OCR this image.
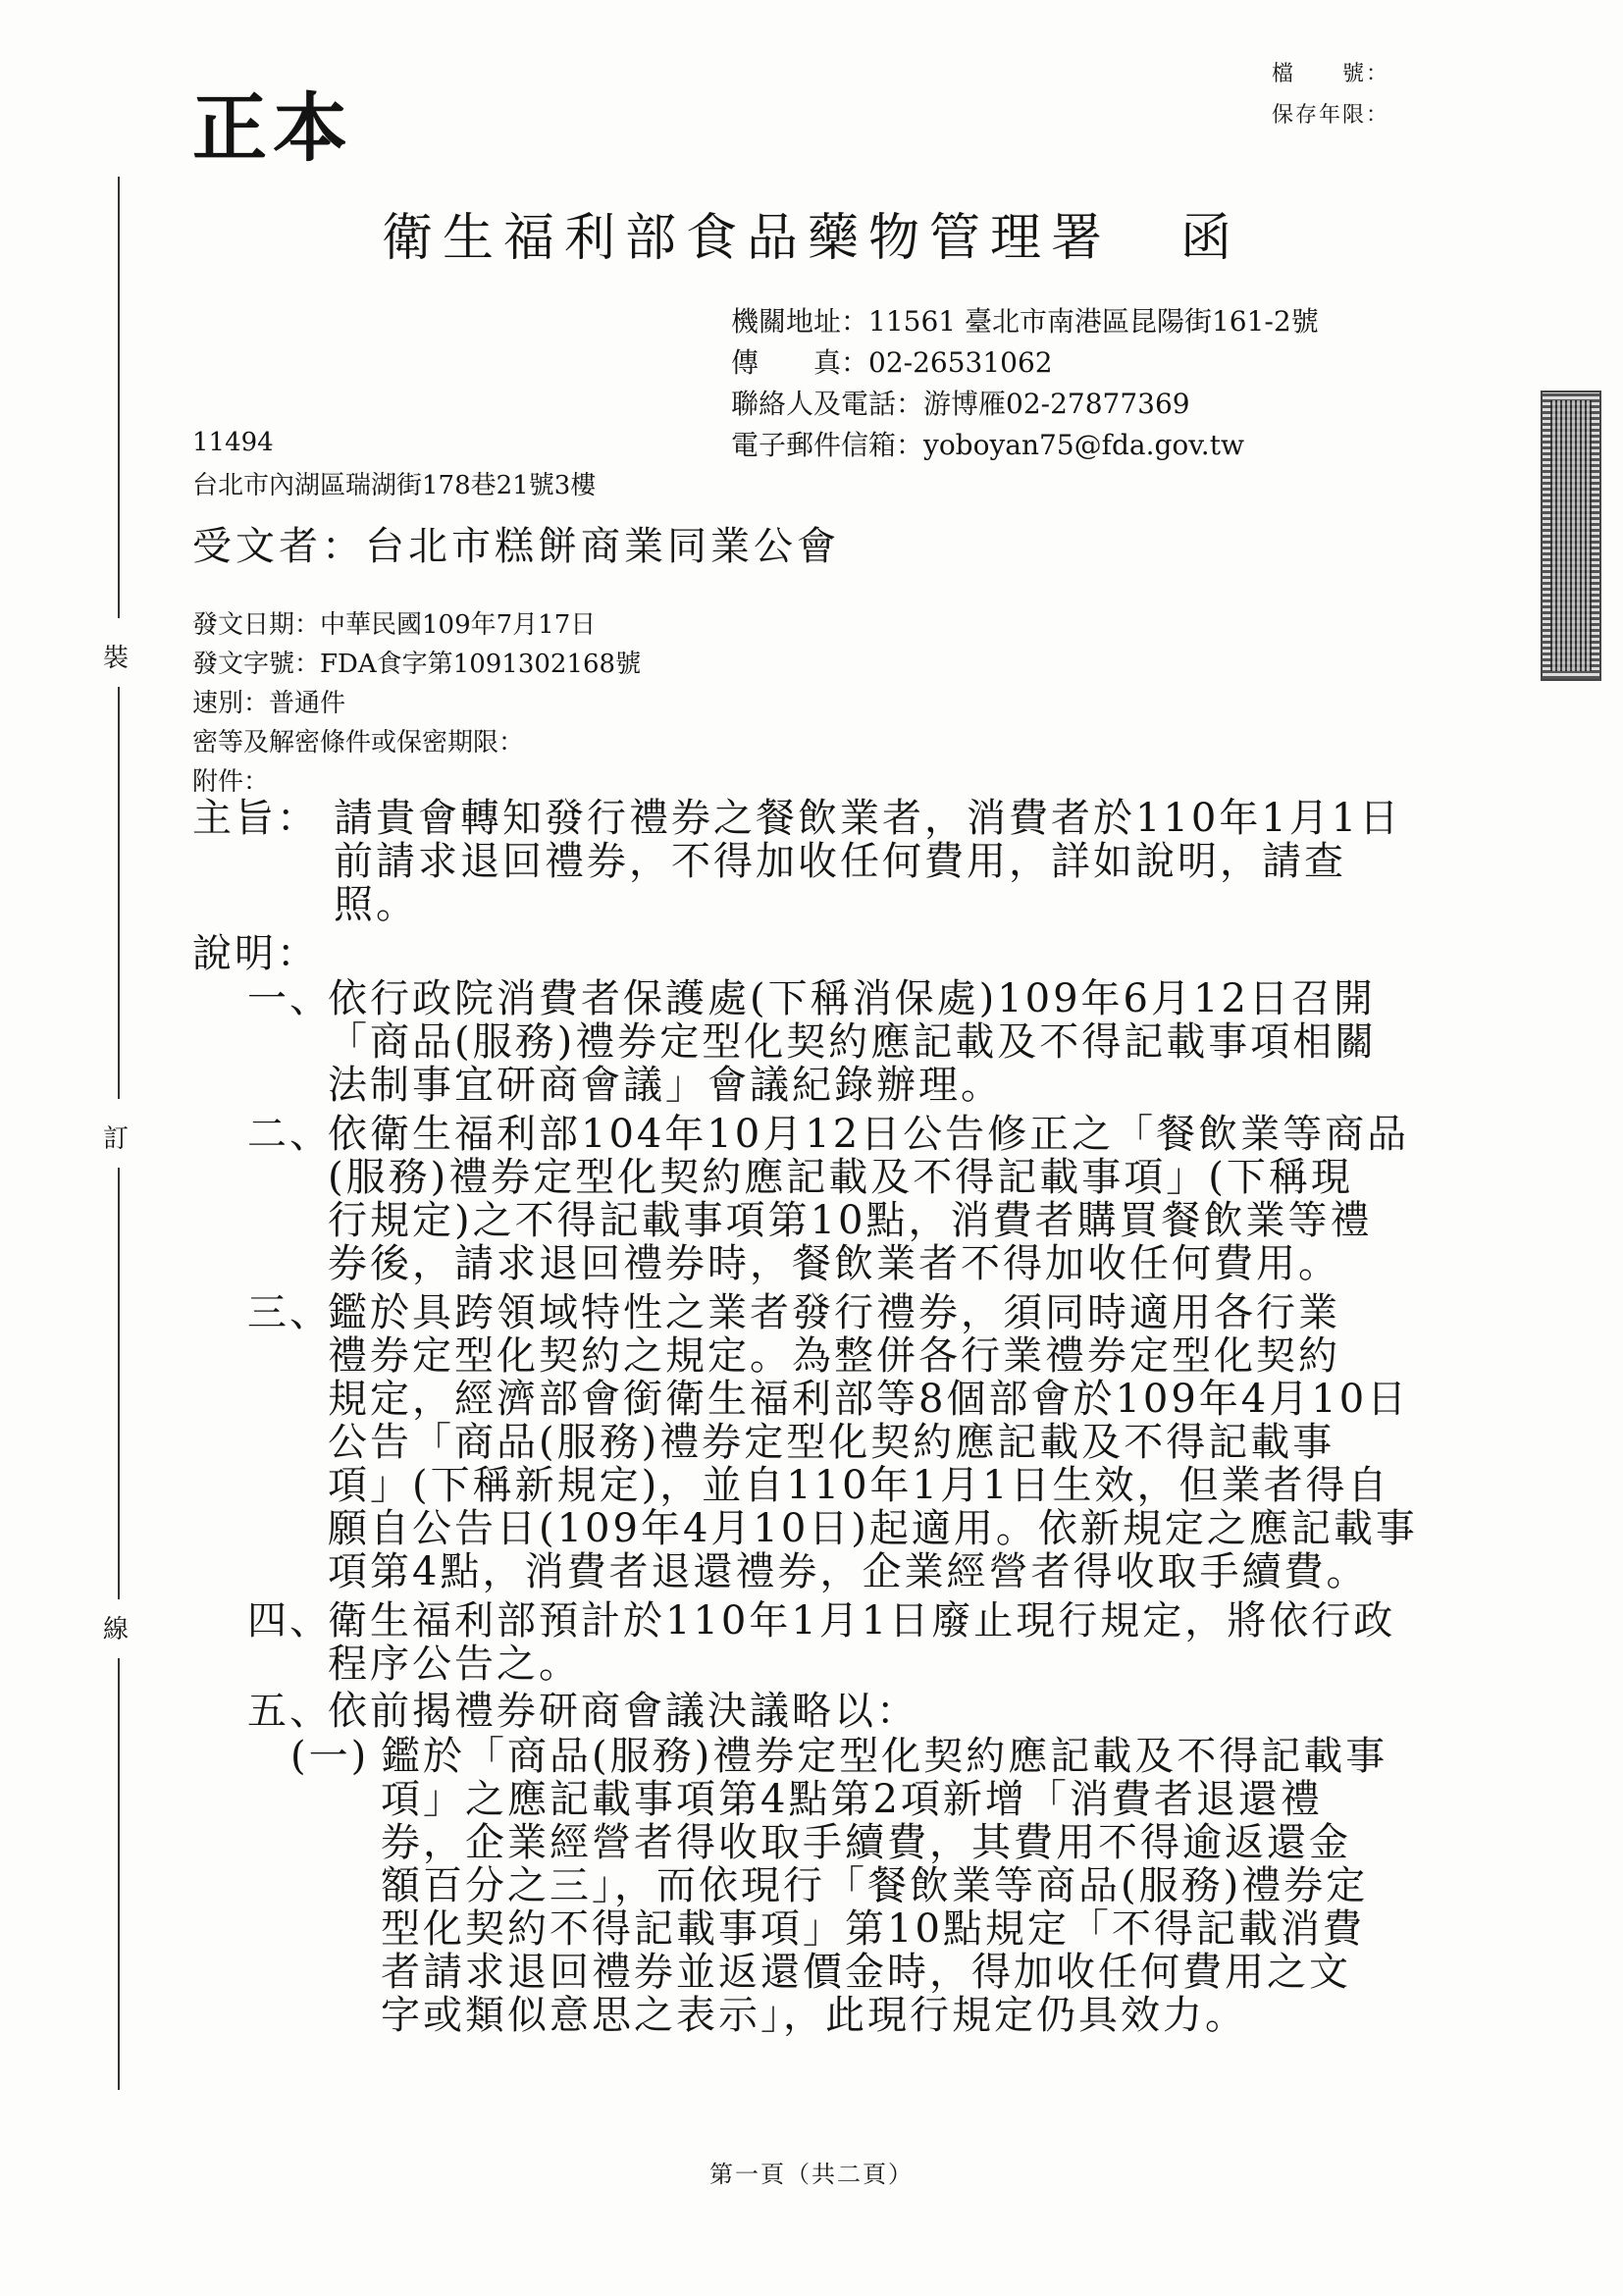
正本
檔　　號：
保存年限：
裝
訂
線
衛生福利部食品藥物管理署 函
機關地址：11561 臺北市南港區昆陽街161-2號
傳　　真：02-26531062
聯絡人及電話：游博雁02-27877369
電子郵件信箱：yoboyan75@fda.gov.tw
11494
台北市內湖區瑞湖街178巷21號3樓
受文者：台北市糕餅商業同業公會
發文日期：中華民國109年7月17日
發文字號：FDA食字第1091302168號
速別：普通件
密等及解密條件或保密期限：
附件：
主旨： 請貴會轉知發行禮券之餐飲業者，消費者於110年1月1日
前請求退回禮券，不得加收任何費用，詳如說明，請查
照。
說明：
一、
依行政院消費者保護處(下稱消保處)109年6月12日召開
「商品(服務)禮券定型化契約應記載及不得記載事項相關
法制事宜研商會議」會議紀錄辦理。
二、
依衛生福利部104年10月12日公告修正之「餐飲業等商品
(服務)禮券定型化契約應記載及不得記載事項」(下稱現
行規定)之不得記載事項第10點，消費者購買餐飲業等禮
券後，請求退回禮券時，餐飲業者不得加收任何費用。
三、
鑑於具跨領域特性之業者發行禮券，須同時適用各行業
禮券定型化契約之規定。為整併各行業禮券定型化契約
規定，經濟部會銜衛生福利部等8個部會於109年4月10日
公告「商品(服務)禮券定型化契約應記載及不得記載事
項」(下稱新規定)，並自110年1月1日生效，但業者得自
願自公告日(109年4月10日)起適用。依新規定之應記載事
項第4點，消費者退還禮券，企業經營者得收取手續費。
四、
衛生福利部預計於110年1月1日廢止現行規定，將依行政
程序公告之。
五、
依前揭禮券研商會議決議略以：
(一) 鑑於「商品(服務)禮券定型化契約應記載及不得記載事
項」之應記載事項第4點第2項新增「消費者退還禮
券，企業經營者得收取手續費，其費用不得逾返還金
額百分之三」，而依現行「餐飲業等商品(服務)禮券定
型化契約不得記載事項」第10點規定「不得記載消費
者請求退回禮券並返還價金時，得加收任何費用之文
字或類似意思之表示」，此現行規定仍具效力。
第一頁（共二頁）
